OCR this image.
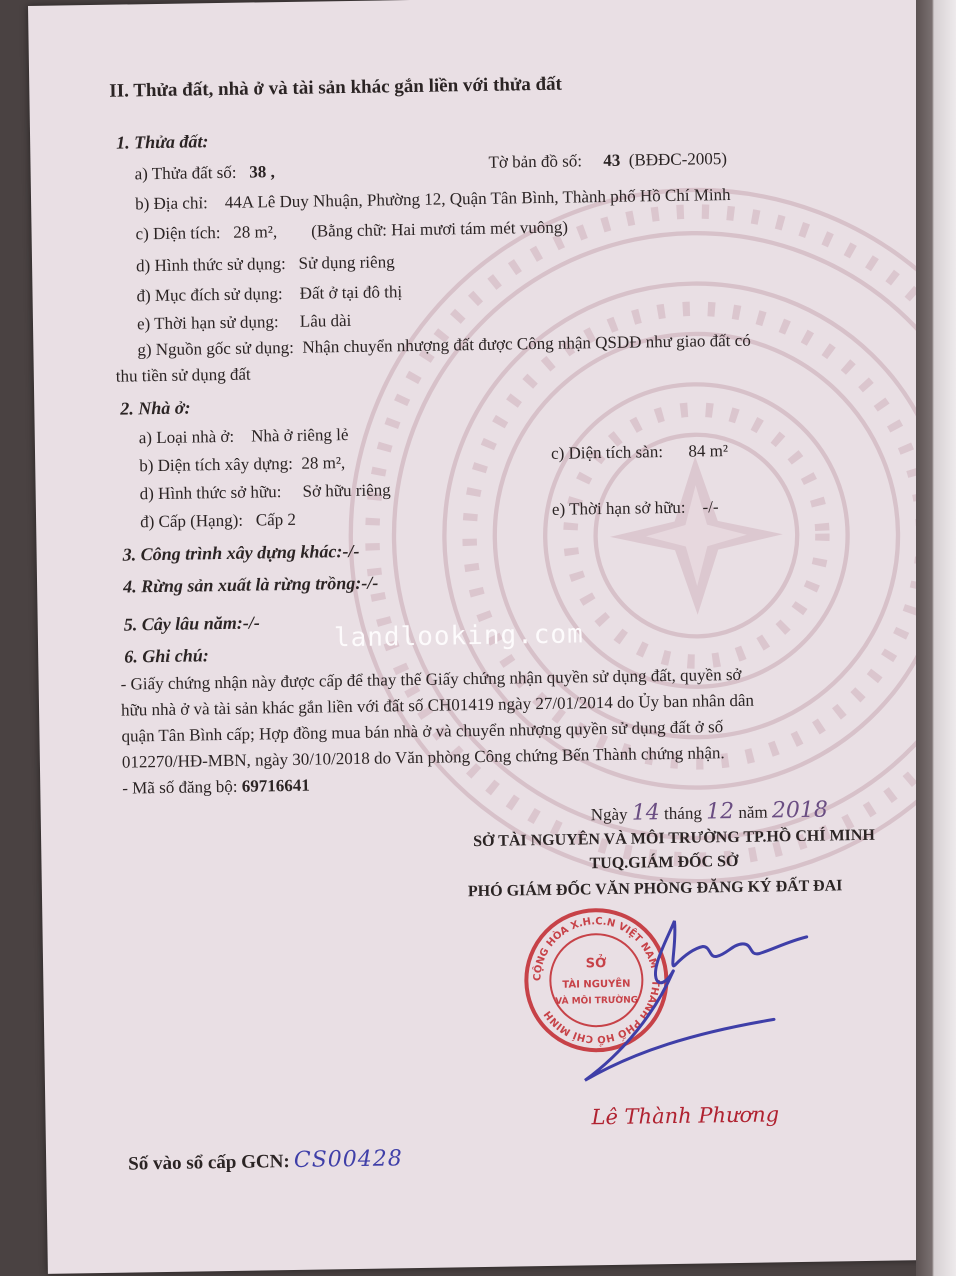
II. Thửa đất, nhà ở và tài sản khác gắn liền với thửa đất
1. Thửa đất:
a) Thửa đất số: 38 ,
Tờ bản đồ số: 43 (BĐĐC-2005)
b) Địa chỉ: 44A Lê Duy Nhuận, Phường 12, Quận Tân Bình, Thành phố Hồ Chí Minh
c) Diện tích: 28 m², (Bằng chữ: Hai mươi tám mét vuông)
d) Hình thức sử dụng: Sử dụng riêng
đ) Mục đích sử dụng: Đất ở tại đô thị
e) Thời hạn sử dụng: Lâu dài
g) Nguồn gốc sử dụng: Nhận chuyển nhượng đất được Công nhận QSDĐ như giao đất có
thu tiền sử dụng đất
2. Nhà ở:
a) Loại nhà ở: Nhà ở riêng lẻ
b) Diện tích xây dựng: 28 m²,
c) Diện tích sàn: 84 m²
d) Hình thức sở hữu: Sở hữu riêng
đ) Cấp (Hạng): Cấp 2
e) Thời hạn sở hữu: -/-
3. Công trình xây dựng khác:-/-
4. Rừng sản xuất là rừng trồng:-/-
5. Cây lâu năm:-/-
6. Ghi chú:
landlooking.com
- Giấy chứng nhận này được cấp để thay thế Giấy chứng nhận quyền sử dụng đất, quyền sở
hữu nhà ở và tài sản khác gắn liền với đất số CH01419 ngày 27/01/2014 do Ủy ban nhân dân
quận Tân Bình cấp; Hợp đồng mua bán nhà ở và chuyển nhượng quyền sử dụng đất ở số
012270/HĐ-MBN, ngày 30/10/2018 do Văn phòng Công chứng Bến Thành chứng nhận.
- Mã số đăng bộ: 69716641
Ngày 14 tháng 12 năm 2018
SỞ TÀI NGUYÊN VÀ MÔI TRƯỜNG TP.HỒ CHÍ MINH
TUQ.GIÁM ĐỐC SỞ
PHÓ GIÁM ĐỐC VĂN PHÒNG ĐĂNG KÝ ĐẤT ĐAI
CỘNG HÒA X.H.C.N VIỆT NAM · THÀNH PHỐ HỒ CHÍ MINH
SỞ
TÀI NGUYÊN
VÀ MÔI TRƯỜNG
Lê Thành Phương
Số vào sổ cấp GCN: CS00428
